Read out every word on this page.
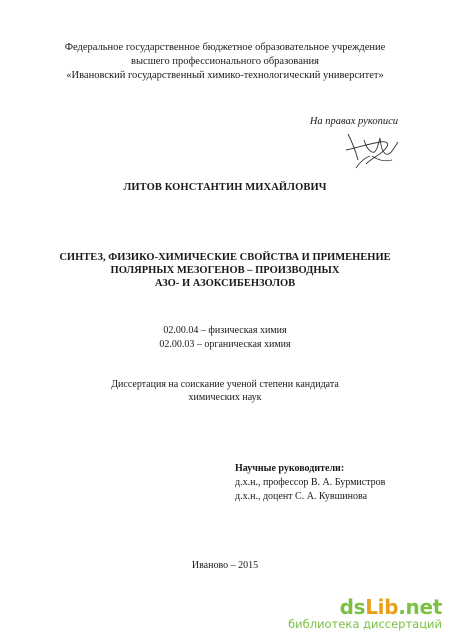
Федеральное государственное бюджетное образовательное учреждение
высшего профессионального образования
«Ивановский государственный химико-технологический университет»
На правах рукописи
ЛИТОВ КОНСТАНТИН МИХАЙЛОВИЧ
СИНТЕЗ, ФИЗИКО-ХИМИЧЕСКИЕ СВОЙСТВА И ПРИМЕНЕНИЕ
ПОЛЯРНЫХ МЕЗОГЕНОВ – ПРОИЗВОДНЫХ
АЗО- И АЗОКСИБЕНЗОЛОВ
02.00.04 – физическая химия
02.00.03 – органическая химия
Диссертация на соискание ученой степени кандидата
химических наук
Научные руководители:
д.х.н., профессор В. А. Бурмистров
д.х.н., доцент С. А. Кувшинова
Иваново – 2015
dsLib.net
библиотека диссертаций
